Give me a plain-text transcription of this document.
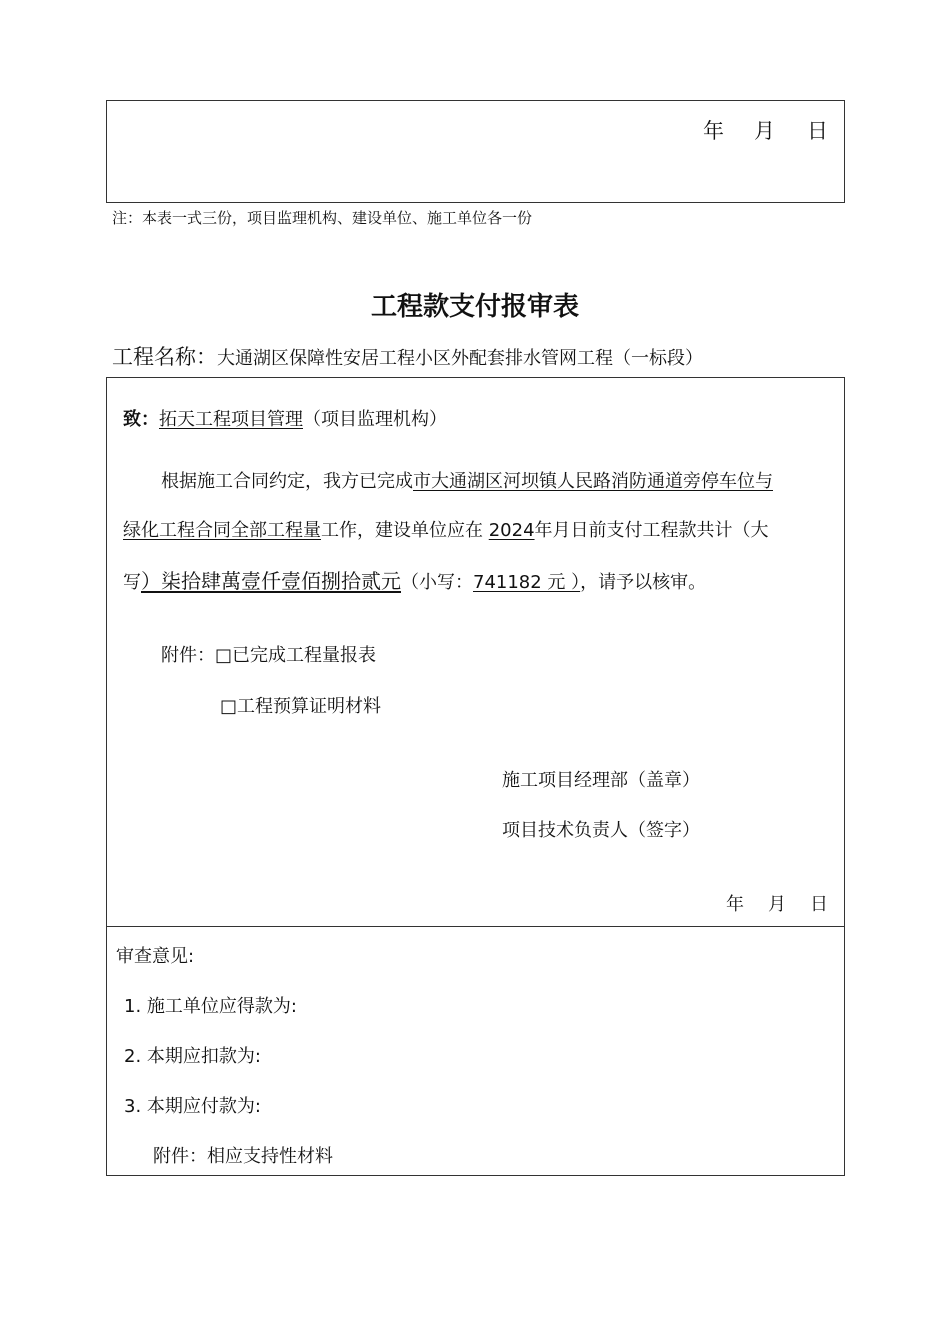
年 月 日
注：本表一式三份，项目监理机构、建设单位、施工单位各一份
工程款支付报审表
工程名称：大通湖区保障性安居工程小区外配套排水管网工程（一标段）
致：拓天工程项目管理（项目监理机构）
根据施工合同约定，我方已完成市大通湖区河坝镇人民路消防通道旁停车位与
绿化工程合同全部工程量工作，建设单位应在 2024年月日前支付工程款共计（大
写）柒拾肆萬壹仟壹佰捌拾贰元（小写：741182 元 ），请予以核审。
附件：□已完成工程量报表
□工程预算证明材料
施工项目经理部（盖章）
项目技术负责人（签字）
年 月 日
审查意见:
1. 施工单位应得款为:
2. 本期应扣款为:
3. 本期应付款为:
附件：相应支持性材料
